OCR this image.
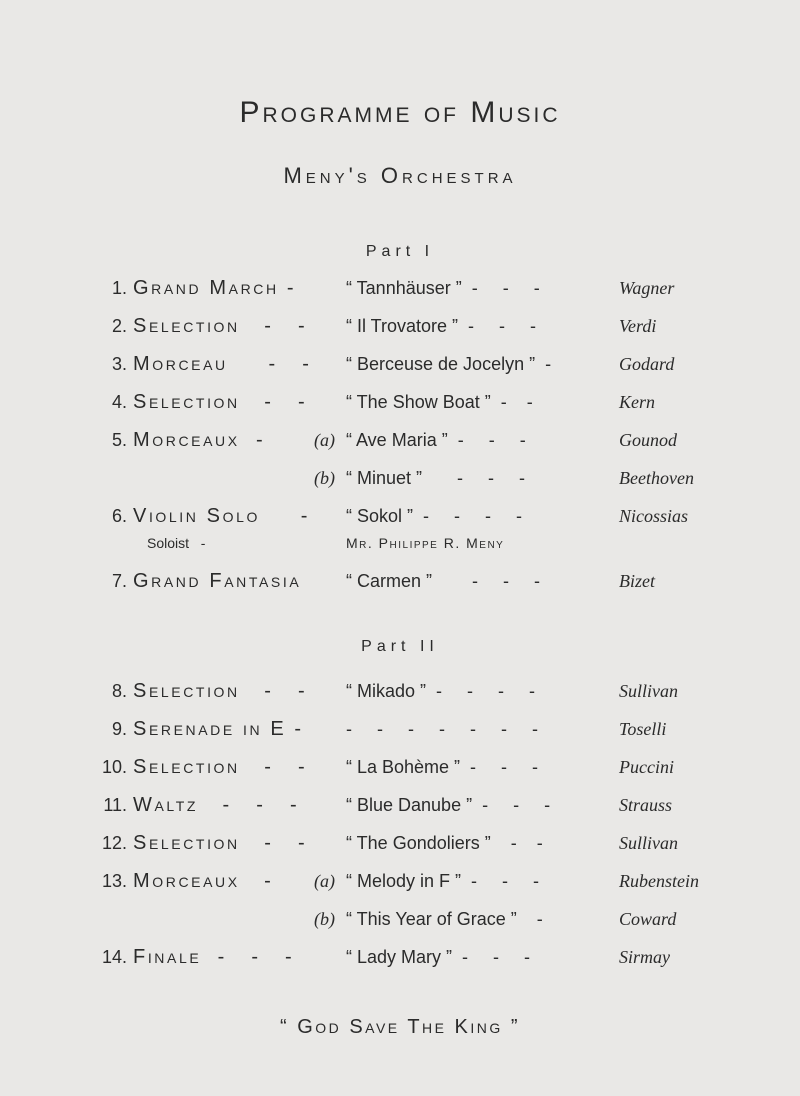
Programme of Music
Meny's Orchestra
Part I
1. Grand March -	“ Tannhäuser ”  -     -     -	Wagner
2. Selection   -   - “ Il Trovatore ”  -     -     -	Verdi
3. Morceau     -   - “ Berceuse de Jocelyn ”  -	Godard
4. Selection   -   - “ The Show Boat ”  -    -	Kern
5. Morceaux  -	(a) “ Ave Maria ”  -     -     -	Gounod
(b) “ Minuet ”       -     -     -	Beethoven
6. Violin Solo     - “ Sokol ”  -     -     -     -	Nicossias
Soloist   -	Mr. Philippe R. Meny
7. Grand Fantasia “ Carmen ”        -     -     -	Bizet
Part II
8. Selection   -   - “ Mikado ”  -     -     -     -	Sullivan
9. Serenade in E - -     -     -     -     -     -     -	Toselli
10. Selection   -   - “ La Bohème ”  -     -     -	Puccini
11. Waltz   -   -   -	“ Blue Danube ”  -     -     -	Strauss
12. Selection   -   - “ The Gondoliers ”    -    -	Sullivan
13. Morceaux   - (a) “ Melody in F ”  -     -     -	Rubenstein
(b) “ This Year of Grace ”    -	Coward
14. Finale  -   -   -	“ Lady Mary ”  -     -     -	Sirmay
“ God Save The King ”
